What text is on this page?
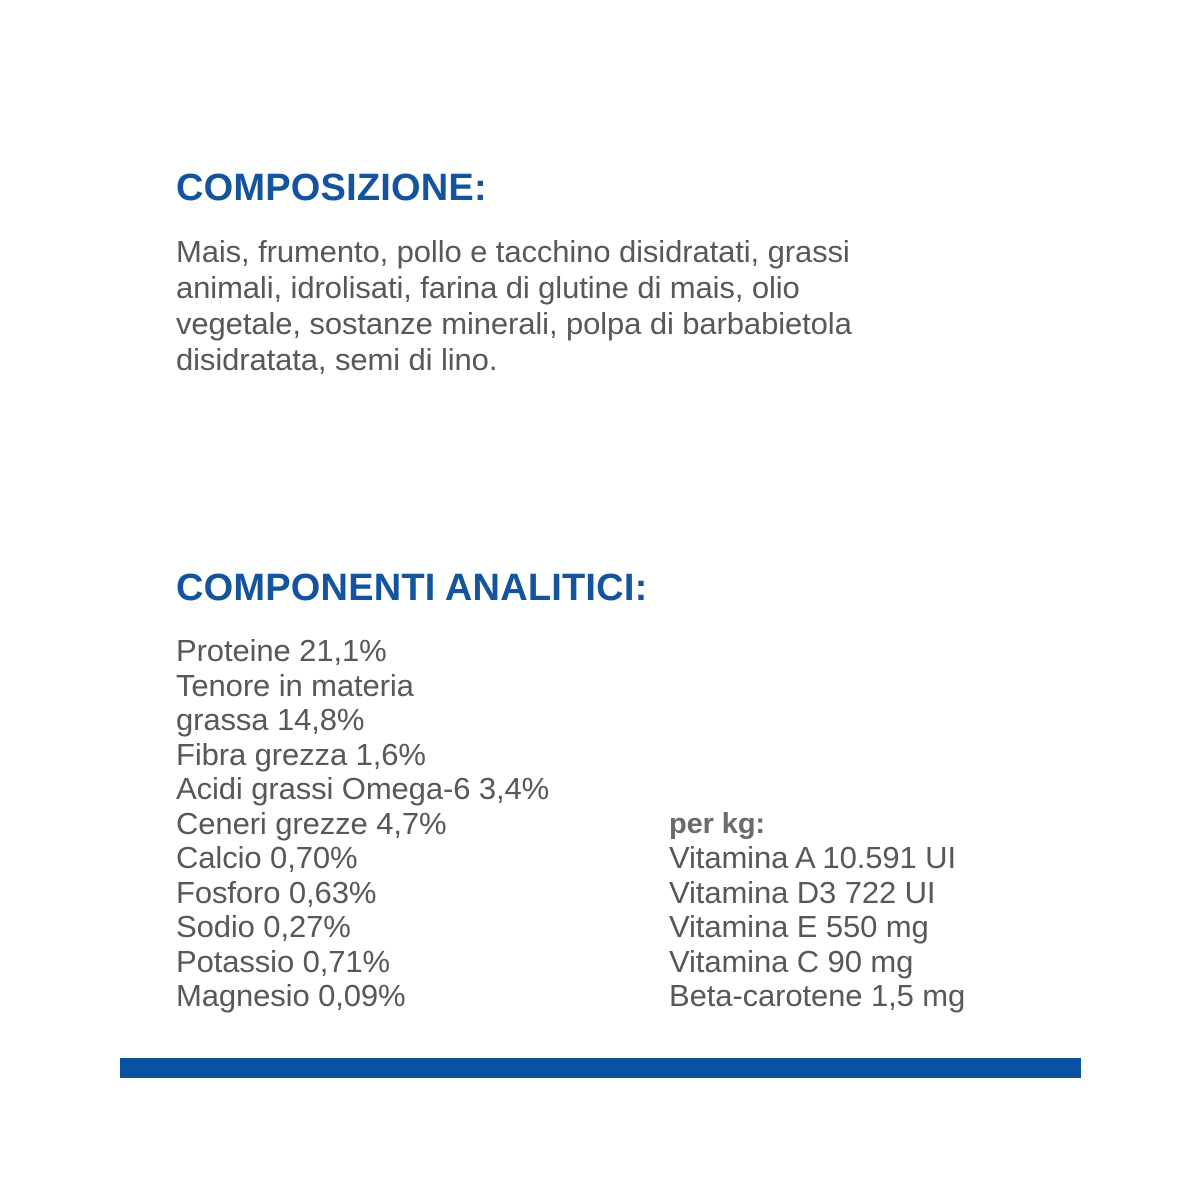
COMPOSIZIONE:
Mais, frumento, pollo e tacchino disidratati, grassi
animali, idrolisati, farina di glutine di mais, olio
vegetale, sostanze minerali, polpa di barbabietola
disidratata, semi di lino.
COMPONENTI ANALITICI:
Proteine 21,1%
Tenore in materia
grassa 14,8%
Fibra grezza 1,6%
Acidi grassi Omega-6 3,4%
Ceneri grezze 4,7%
Calcio 0,70%
Fosforo 0,63%
Sodio 0,27%
Potassio 0,71%
Magnesio 0,09%
per kg:
Vitamina A 10.591 UI
Vitamina D3 722 UI
Vitamina E 550 mg
Vitamina C 90 mg
Beta-carotene 1,5 mg
